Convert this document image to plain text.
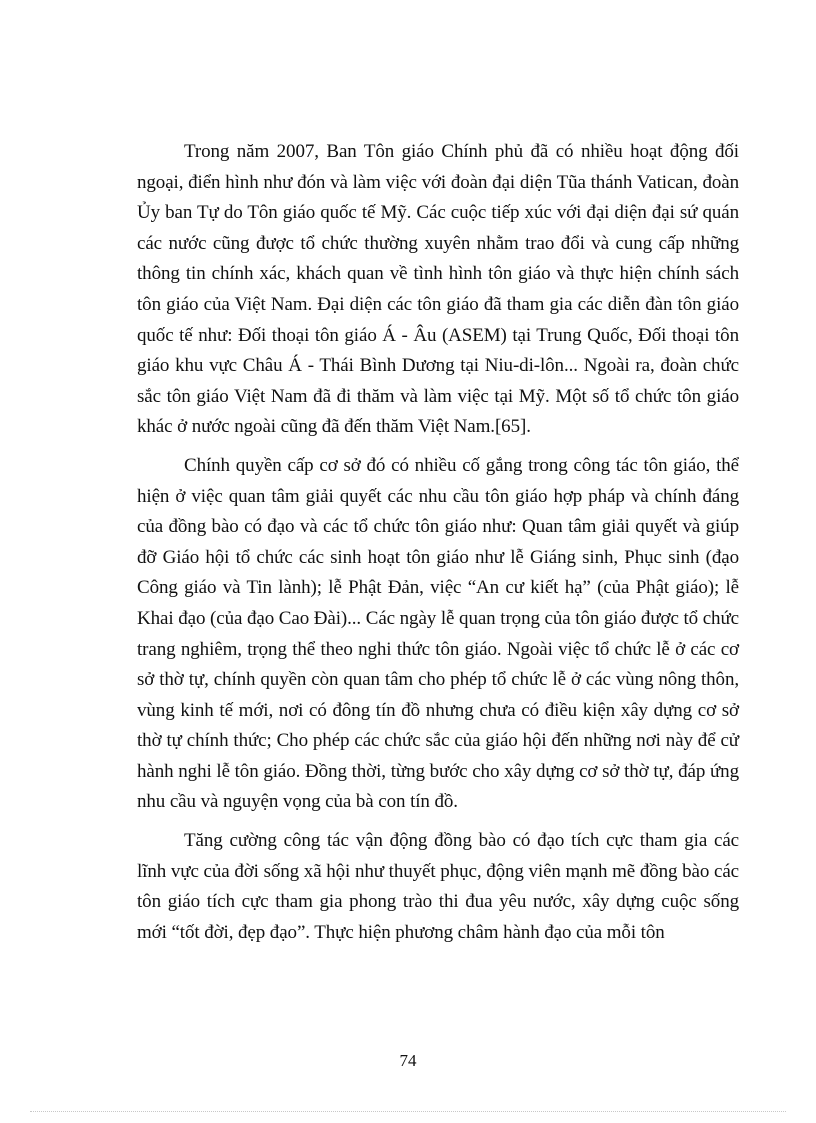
Trong năm 2007, Ban Tôn giáo Chính phủ đã có nhiều hoạt động đối ngoại, điển hình như đón và làm việc với đoàn đại diện Tũa thánh Vatican, đoàn Ủy ban Tự do Tôn giáo quốc tế Mỹ. Các cuộc tiếp xúc với đại diện đại sứ quán các nước cũng được tổ chức thường xuyên nhằm trao đổi và cung cấp những thông tin chính xác, khách quan về tình hình tôn giáo và thực hiện chính sách tôn giáo của Việt Nam. Đại diện các tôn giáo đã tham gia các diễn đàn tôn giáo quốc tế như: Đối thoại tôn giáo Á - Âu (ASEM) tại Trung Quốc, Đối thoại tôn giáo khu vực Châu Á - Thái Bình Dương tại Niu-di-lôn... Ngoài ra, đoàn chức sắc tôn giáo Việt Nam đã đi thăm và làm việc tại Mỹ. Một số tổ chức tôn giáo khác ở nước ngoài cũng đã đến thăm Việt Nam.[65].

Chính quyền cấp cơ sở đó có nhiều cố gắng trong công tác tôn giáo, thể hiện ở việc quan tâm giải quyết các nhu cầu tôn giáo hợp pháp và chính đáng của đồng bào có đạo và các tổ chức tôn giáo như: Quan tâm giải quyết và giúp đỡ Giáo hội tổ chức các sinh hoạt tôn giáo như lễ Giáng sinh, Phục sinh (đạo Công giáo và Tin lành); lễ Phật Đản, việc “An cư kiết hạ” (của Phật giáo); lễ Khai đạo (của đạo Cao Đài)... Các ngày lễ quan trọng của tôn giáo được tổ chức trang nghiêm, trọng thể theo nghi thức tôn giáo. Ngoài việc tổ chức lễ ở các cơ sở thờ tự, chính quyền còn quan tâm cho phép tổ chức lễ ở các vùng nông thôn, vùng kinh tế mới, nơi có đông tín đồ nhưng chưa có điều kiện xây dựng cơ sở thờ tự chính thức; Cho phép các chức sắc của giáo hội đến những nơi này để cử hành nghi lễ tôn giáo. Đồng thời, từng bước cho xây dựng cơ sở thờ tự, đáp ứng nhu cầu và nguyện vọng của bà con tín đồ.

Tăng cường công tác vận động đồng bào có đạo tích cực tham gia các lĩnh vực của đời sống xã hội như thuyết phục, động viên mạnh mẽ đồng bào các tôn giáo tích cực tham gia phong trào thi đua yêu nước, xây dựng cuộc sống mới “tốt đời, đẹp đạo”. Thực hiện phương châm hành đạo của mỗi tôn

74
